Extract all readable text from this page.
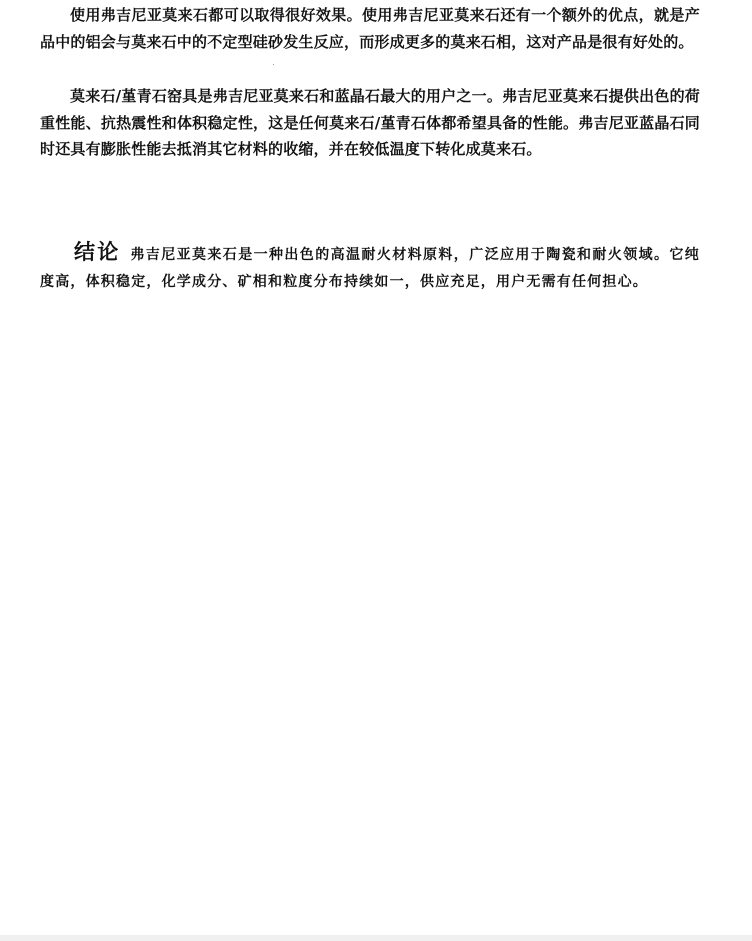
使用弗吉尼亚莫来石都可以取得很好效果。使用弗吉尼亚莫来石还有一个额外的优点，就是产品中的铝会与莫来石中的不定型硅砂发生反应，而形成更多的莫来石相，这对产品是很有好处的。

莫来石/堇青石窑具是弗吉尼亚莫来石和蓝晶石最大的用户之一。弗吉尼亚莫来石提供出色的荷重性能、抗热震性和体积稳定性，这是任何莫来石/堇青石体都希望具备的性能。弗吉尼亚蓝晶石同时还具有膨胀性能去抵消其它材料的收缩，并在较低温度下转化成莫来石。

结论 弗吉尼亚莫来石是一种出色的高温耐火材料原料，广泛应用于陶瓷和耐火领域。它纯度高，体积稳定，化学成分、矿相和粒度分布持续如一，供应充足，用户无需有任何担心。
